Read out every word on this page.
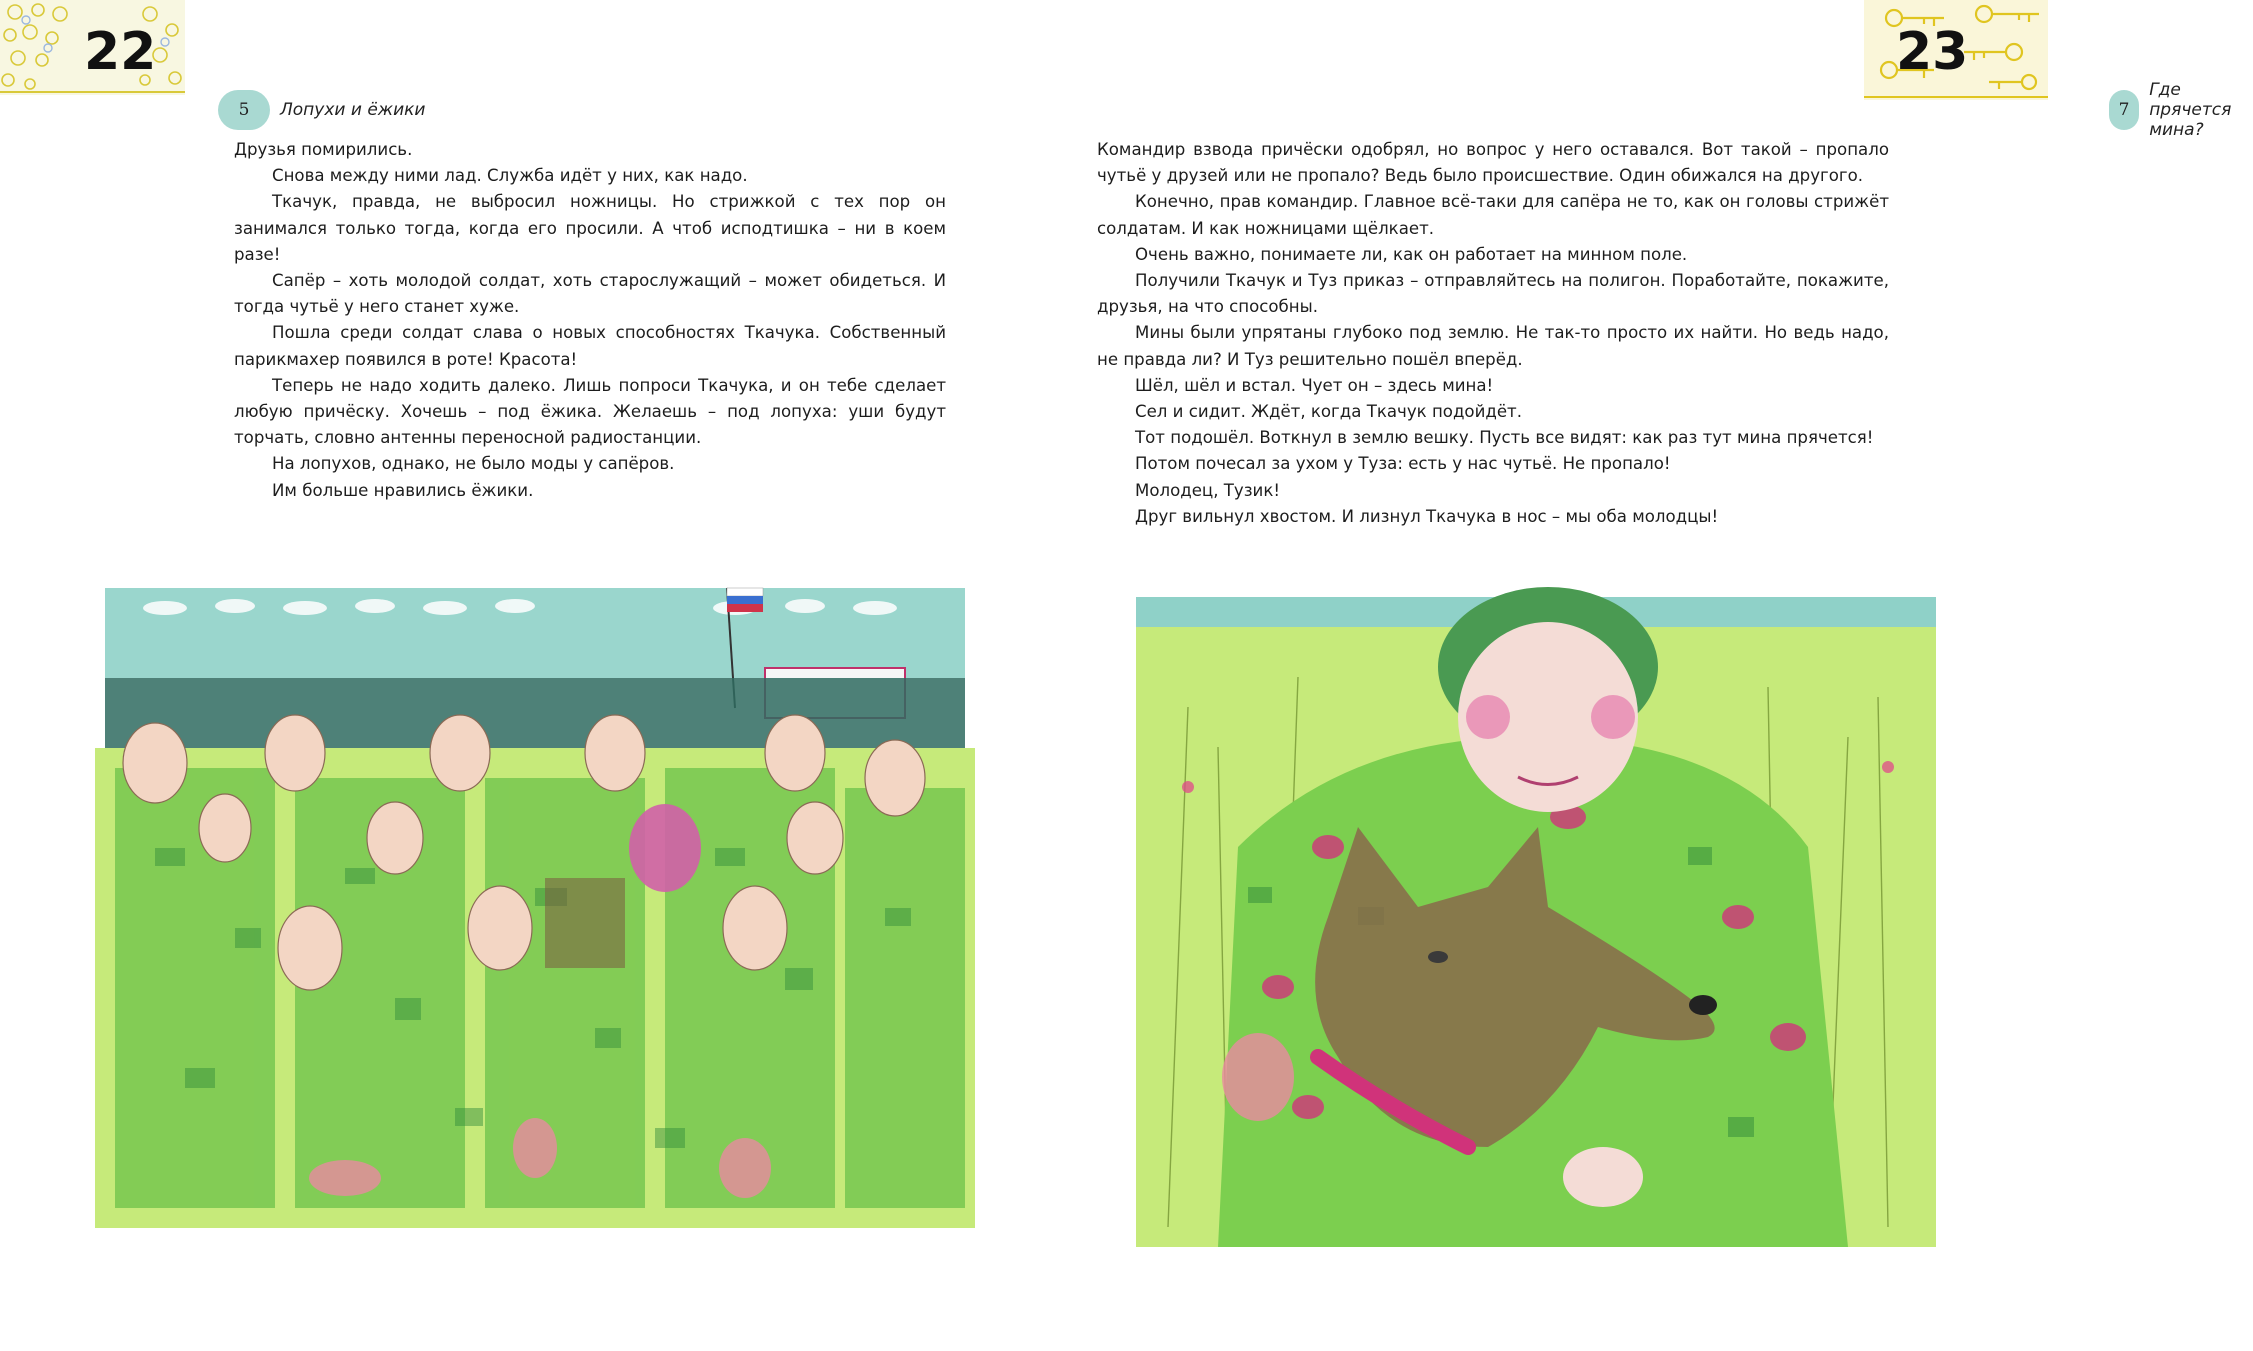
22
5	Лопухи и ёжики

Друзья помирились.

Снова между ними лад. Служба идёт у них, как надо.

Ткачук, правда, не выбросил ножницы. Но стрижкой с тех пор он занимался только тогда, когда его просили. А чтоб исподтишка – ни в коем разе!

Сапёр – хоть молодой солдат, хоть старослужащий – может обидеться. И тогда чутьё у него станет хуже.

Пошла среди солдат слава о новых способностях Ткачука. Собственный парикмахер появился в роте! Красота!

Теперь не надо ходить далеко. Лишь попроси Ткачука, и он тебе сделает любую причёску. Хочешь – под ёжика. Желаешь – под лопуха: уши будут торчать, словно антенны переносной радиостанции.

На лопухов, однако, не было моды у сапёров.

Им больше нравились ёжики.

23
7
Где прячется мина?

Командир взвода причёски одобрял, но вопрос у него оставался. Вот такой – пропало чутьё у друзей или не пропало? Ведь было происшествие. Один обижался на другого.

Конечно, прав командир. Главное всё-таки для сапёра не то, как он головы стрижёт солдатам. И как ножницами щёлкает.

Очень важно, понимаете ли, как он работает на минном поле.

Получили Ткачук и Туз приказ – отправляйтесь на полигон. Поработайте, покажите, друзья, на что способны.

Мины были упрятаны глубоко под землю. Не так-то просто их найти. Но ведь надо, не правда ли? И Туз решительно пошёл вперёд.

Шёл, шёл и встал. Чует он – здесь мина!

Сел и сидит. Ждёт, когда Ткачук подойдёт.

Тот подошёл. Воткнул в землю вешку. Пусть все видят: как раз тут мина прячется!

Потом почесал за ухом у Туза: есть у нас чутьё. Не пропало!

Молодец, Тузик!

Друг вильнул хвостом. И лизнул Ткачука в нос – мы оба молодцы!
